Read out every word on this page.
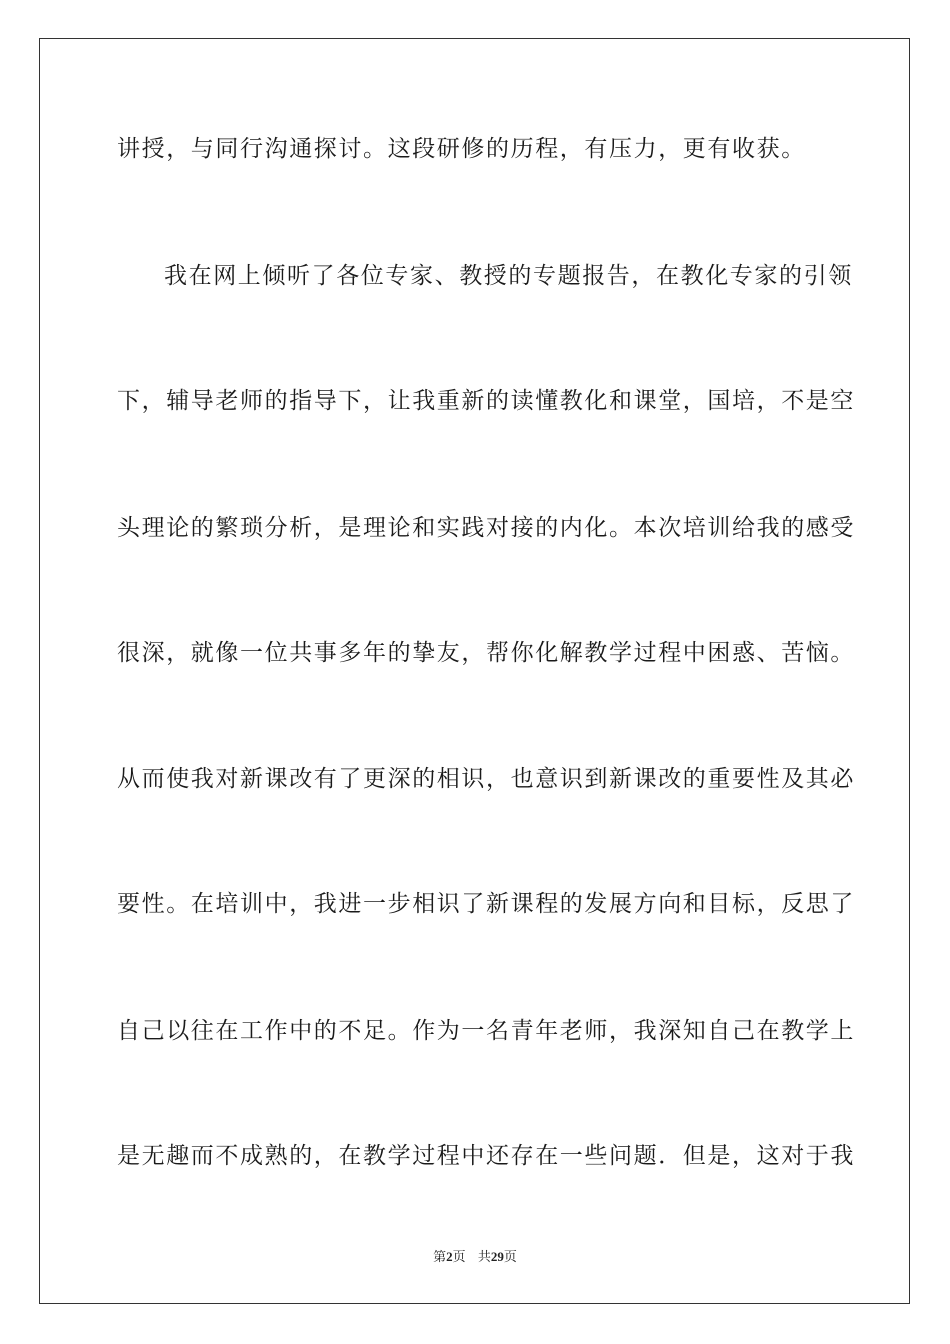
讲授，与同行沟通探讨。这段研修的历程，有压力，更有收获。
我在网上倾听了各位专家、教授的专题报告，在教化专家的引领
下，辅导老师的指导下，让我重新的读懂教化和课堂，国培，不是空
头理论的繁琐分析，是理论和实践对接的内化。本次培训给我的感受
很深，就像一位共事多年的挚友，帮你化解教学过程中困惑、苦恼。
从而使我对新课改有了更深的相识，也意识到新课改的重要性及其必
要性。在培训中，我进一步相识了新课程的发展方向和目标，反思了
自己以往在工作中的不足。作为一名青年老师，我深知自己在教学上
是无趣而不成熟的，在教学过程中还存在一些问题．但是，这对于我
第2页 共29页
